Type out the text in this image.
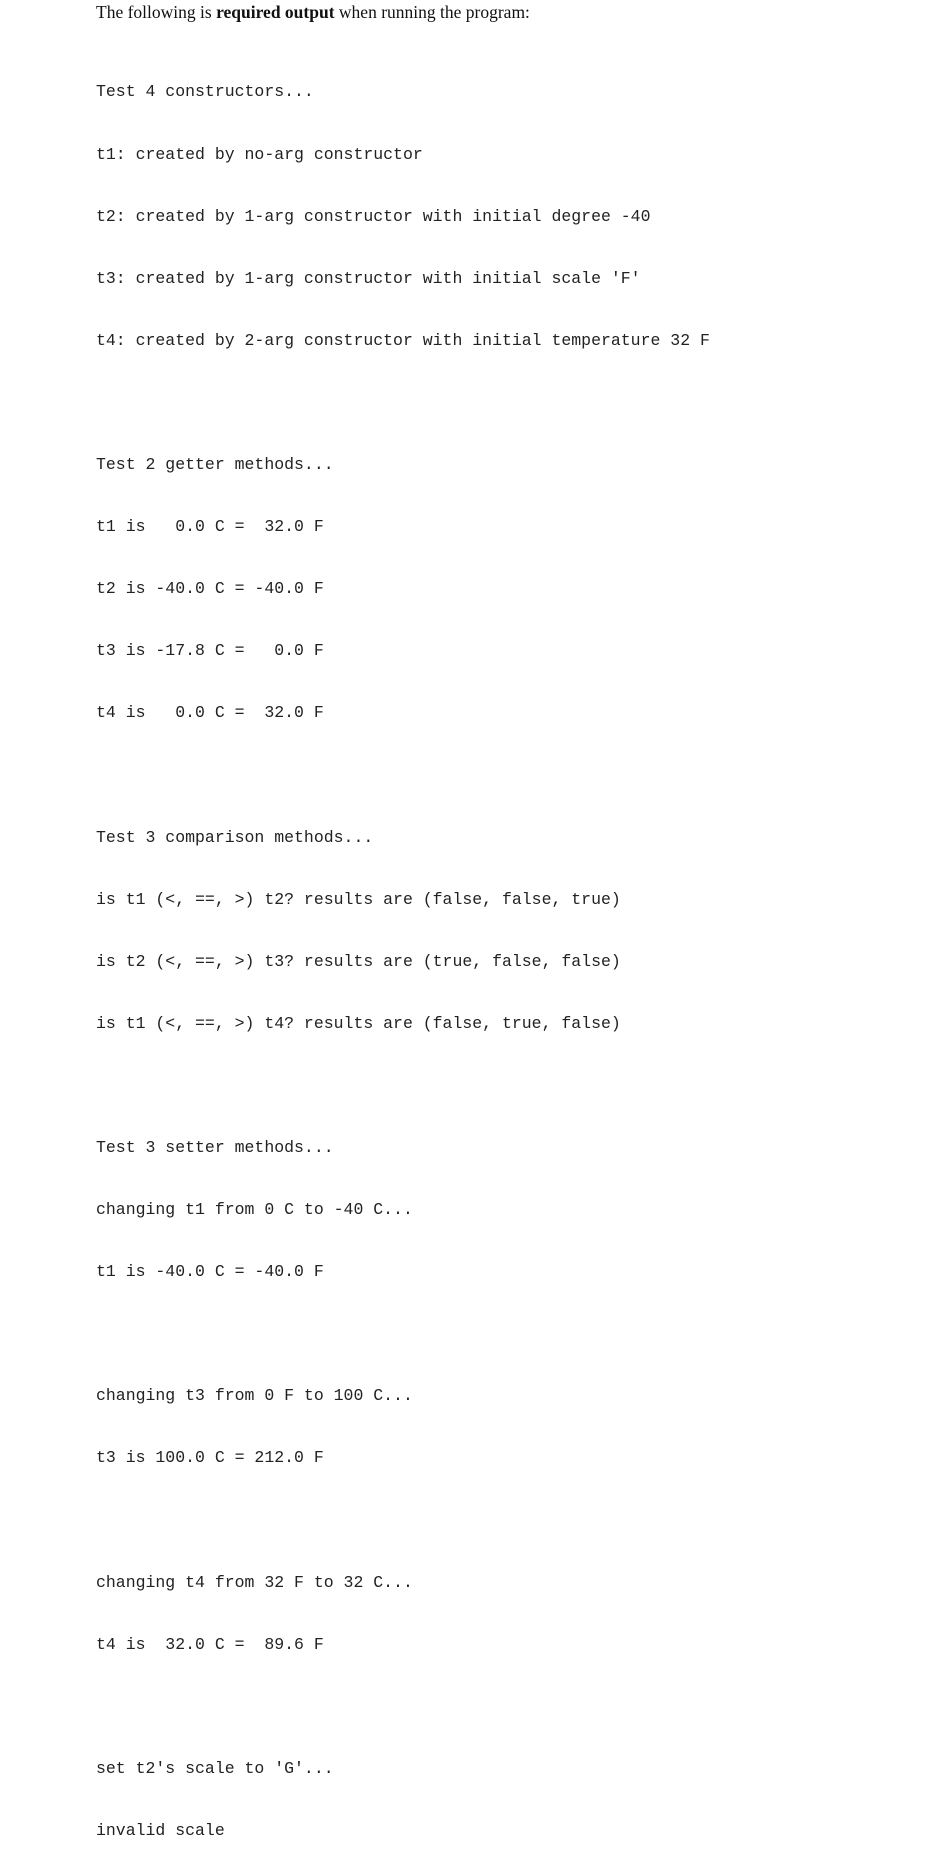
The following is required output when running the program:

Test 4 constructors...

t1: created by no-arg constructor

t2: created by 1-arg constructor with initial degree -40

t3: created by 1-arg constructor with initial scale 'F'

t4: created by 2-arg constructor with initial temperature 32 F

Test 2 getter methods...

t1 is   0.0 C =  32.0 F

t2 is -40.0 C = -40.0 F

t3 is -17.8 C =   0.0 F

t4 is   0.0 C =  32.0 F

Test 3 comparison methods...

is t1 (<, ==, >) t2? results are (false, false, true)

is t2 (<, ==, >) t3? results are (true, false, false)

is t1 (<, ==, >) t4? results are (false, true, false)

Test 3 setter methods...

changing t1 from 0 C to -40 C...

t1 is -40.0 C = -40.0 F

changing t3 from 0 F to 100 C...

t3 is 100.0 C = 212.0 F

changing t4 from 32 F to 32 C...

t4 is  32.0 C =  89.6 F

set t2's scale to 'G'...

invalid scale
